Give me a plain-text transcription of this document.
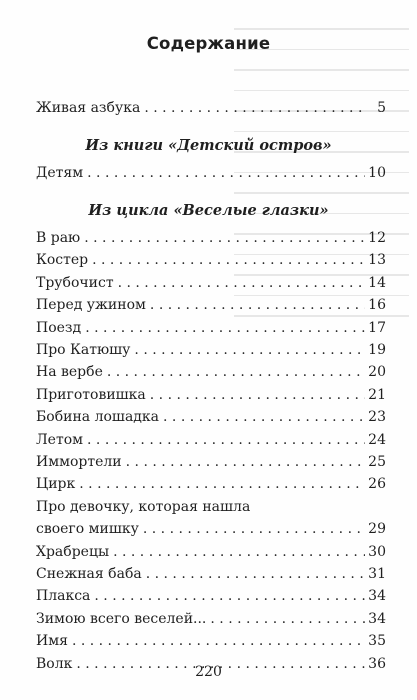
Содержание
Живая азбука . . .	5
Из книги «Детский остров»
Детям . . .	10
Из цикла «Веселые глазки»
В раю . . .	12
Костер . . .	13
Трубочист . . .	14
Перед ужином . . .	16
Поезд . . .	17
Про Катюшу . . .	19
На вербе . . .	20
Приготовишка . . .	21
Бобина лошадка . . .	23
Летом . . .	24
Иммортели . . .	25
Цирк . . .	26
Про девочку, которая нашла
своего мишку . . .	29
Храбрецы . . .	30
Снежная баба . . .	31
Плакса . . .	34
Зимою всего веселей... . . .	34
Имя . . .	35
Волк . . .	36
220
